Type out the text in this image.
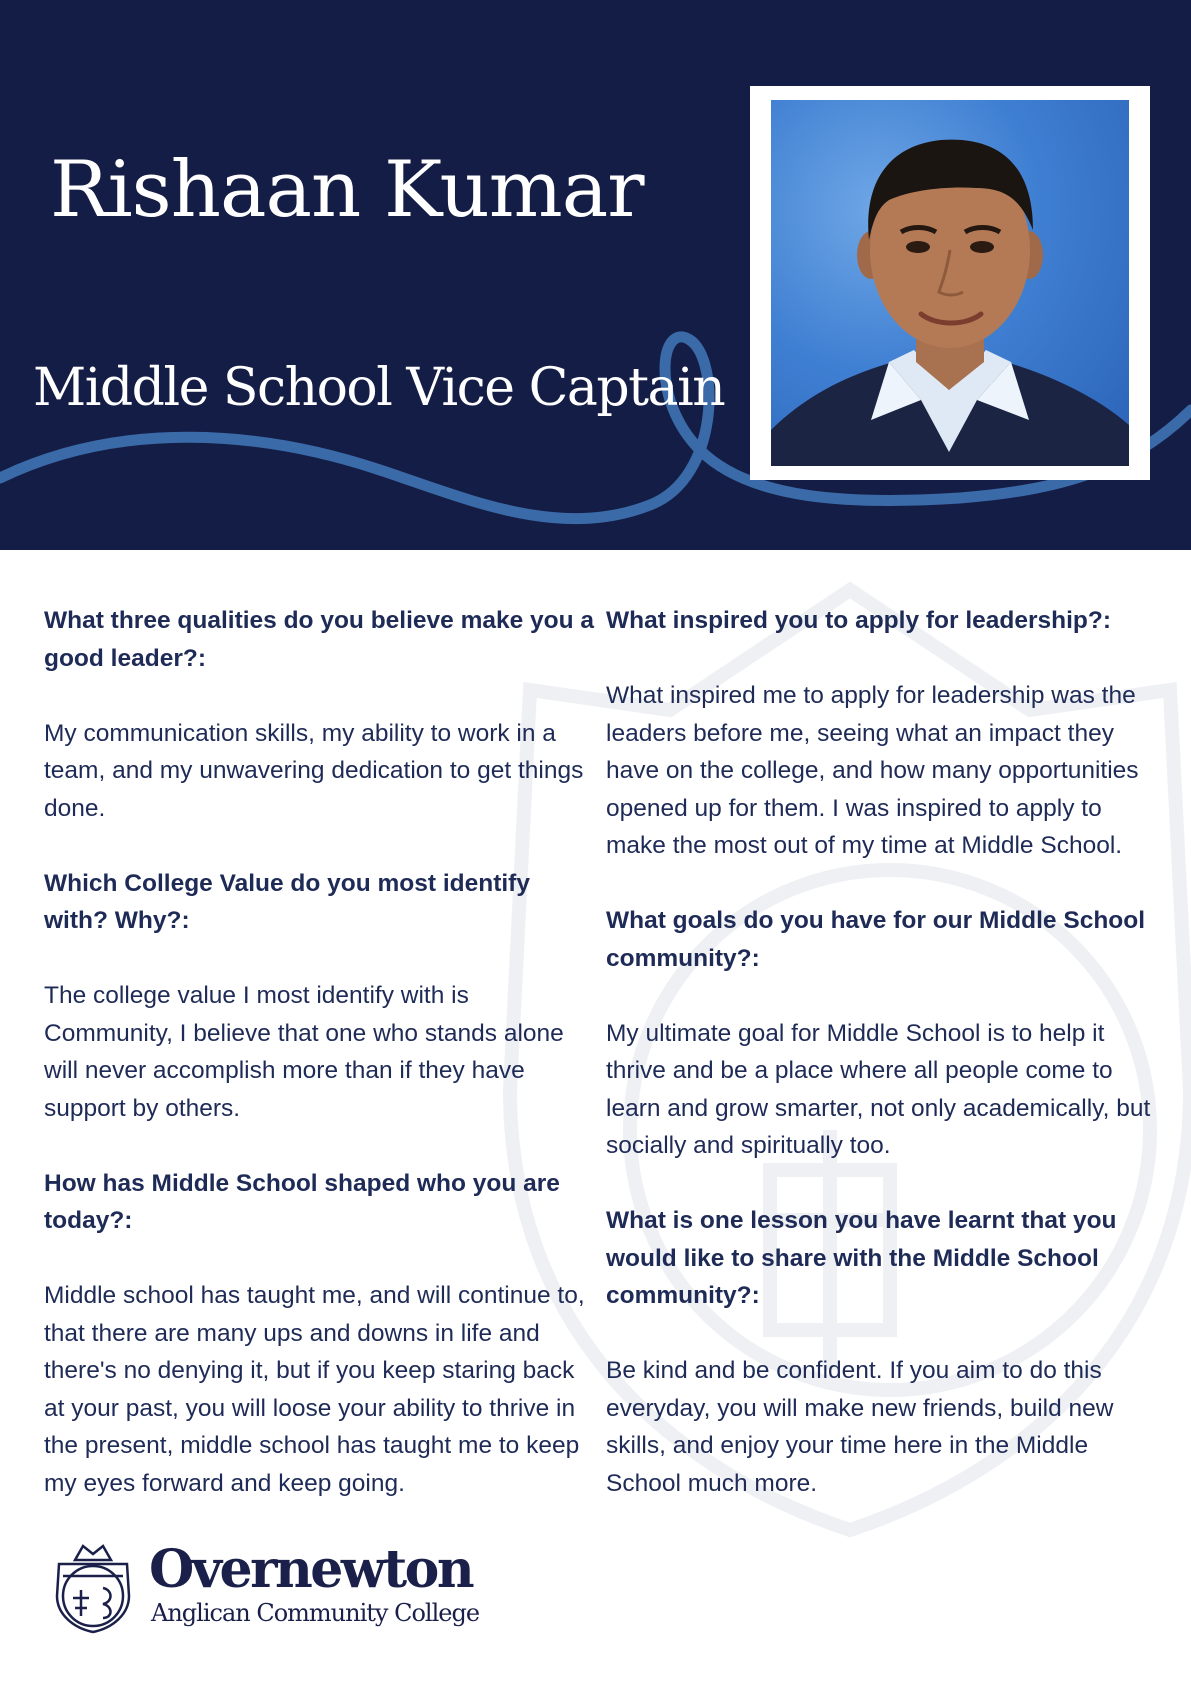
Rishaan Kumar
Middle School Vice Captain

What three qualities do you believe make you a good leader?:

My communication skills, my ability to work in a team, and my unwavering dedication to get things done.

Which College Value do you most identify with? Why?:

The college value I most identify with is Community, I believe that one who stands alone will never accomplish more than if they have support by others.

How has Middle School shaped who you are today?:

Middle school has taught me, and will continue to, that there are many ups and downs in life and there's no denying it, but if you keep staring back at your past, you will loose your ability to thrive in the present, middle school has taught me to keep my eyes forward and keep going.

What inspired you to apply for leadership?:

What inspired me to apply for leadership was the leaders before me, seeing what an impact they have on the college, and how many opportunities opened up for them. I was inspired to apply to make the most out of my time at Middle School.

What goals do you have for our Middle School community?:

My ultimate goal for Middle School is to help it thrive and be a place where all people come to learn and grow smarter, not only academically, but socially and spiritually too.

What is one lesson you have learnt that you would like to share with the Middle School community?:

Be kind and be confident. If you aim to do this everyday, you will make new friends, build new skills, and enjoy your time here in the Middle School much more.

Overnewton

Anglican Community College
